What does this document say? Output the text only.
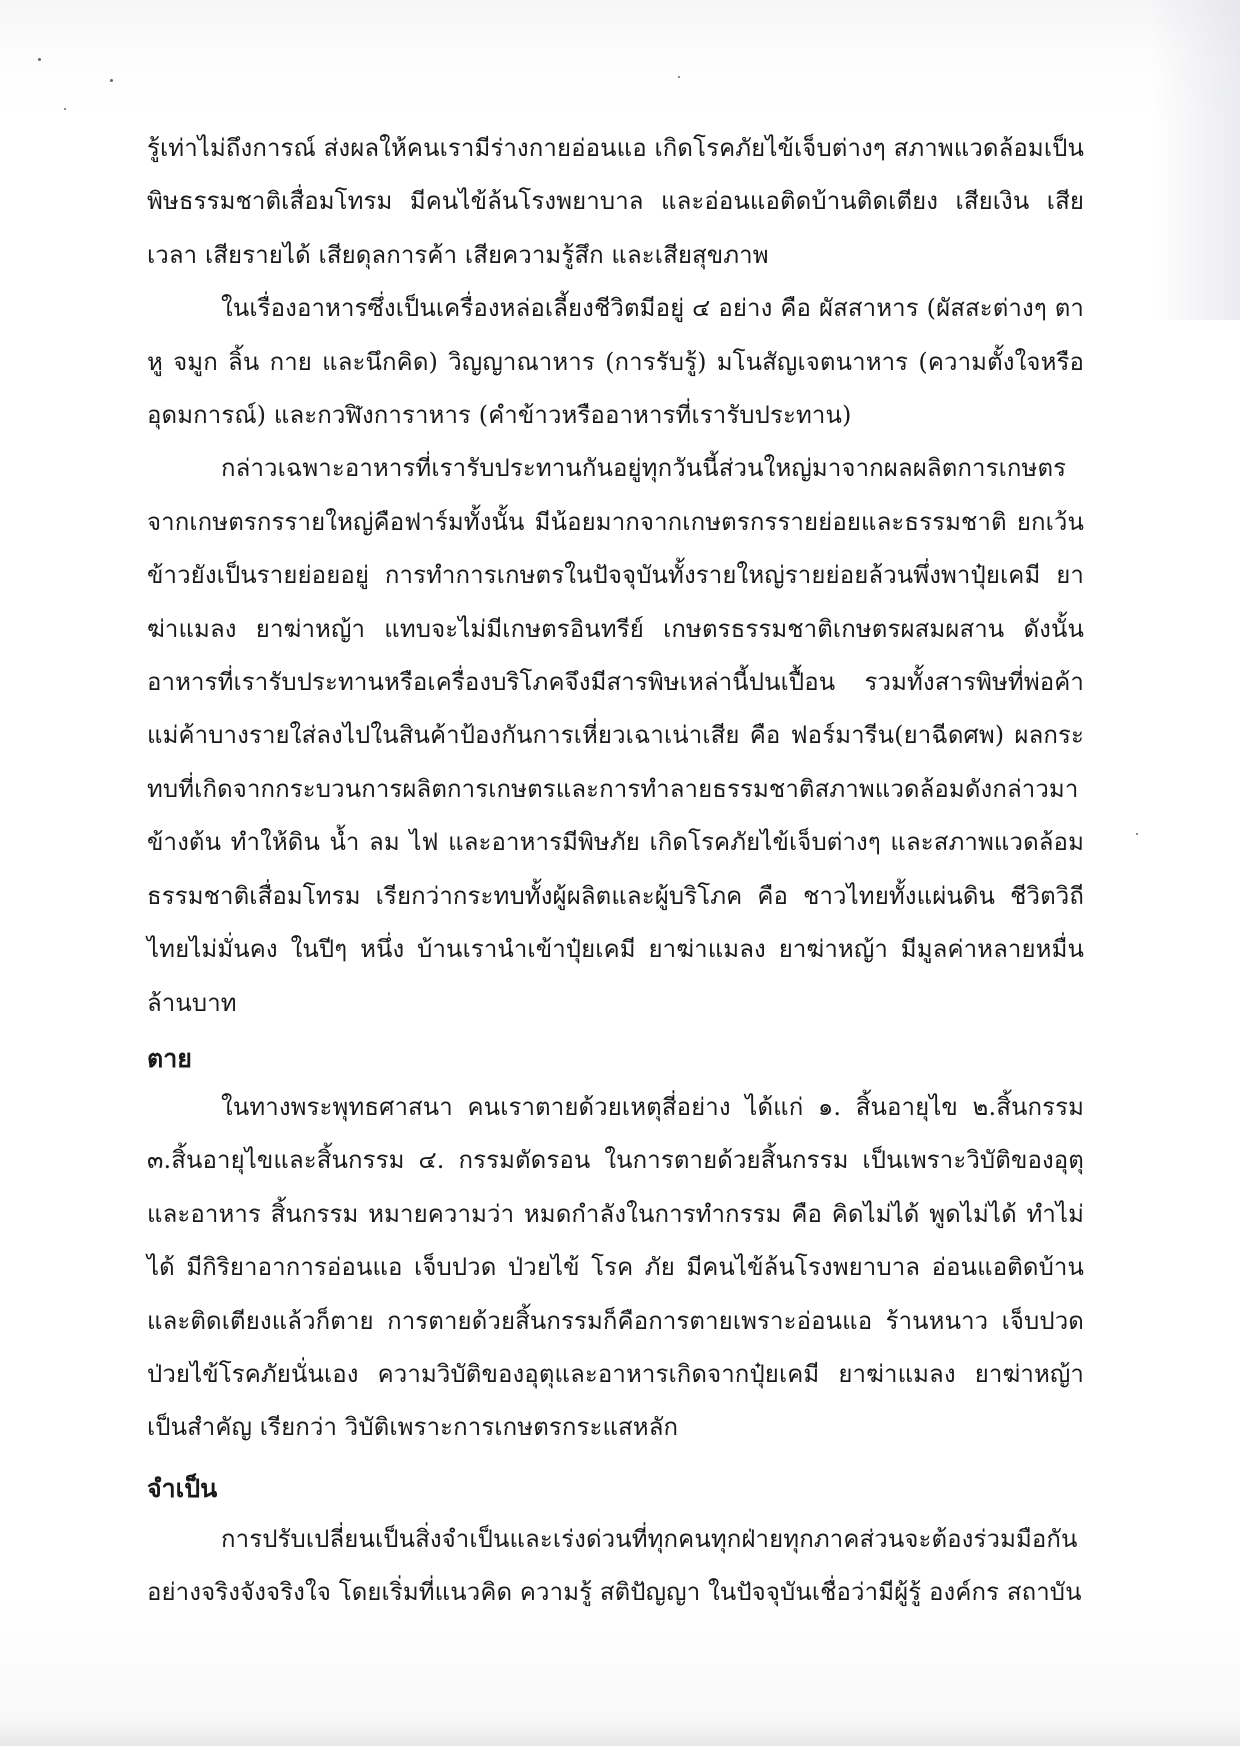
รู้เท่าไม่ถึงการณ์ ส่งผลให้คนเรามีร่างกายอ่อนแอ เกิดโรคภัยไข้เจ็บต่างๆ สภาพแวดล้อมเป็นพิษธรรมชาติเสื่อมโทรม มีคนไข้ล้นโรงพยาบาล และอ่อนแอติดบ้านติดเตียง เสียเงิน เสียเวลา เสียรายได้ เสียดุลการค้า เสียความรู้สึก และเสียสุขภาพ

ในเรื่องอาหารซึ่งเป็นเครื่องหล่อเลี้ยงชีวิตมีอยู่ ๔ อย่าง คือ ผัสสาหาร (ผัสสะต่างๆ ตา หู จมูก ลิ้น กาย และนึกคิด) วิญญาณาหาร (การรับรู้) มโนสัญเจตนาหาร (ความตั้งใจหรืออุดมการณ์) และกวฬิงการาหาร (คำข้าวหรืออาหารที่เรารับประทาน)

กล่าวเฉพาะอาหารที่เรารับประทานกันอยู่ทุกวันนี้ส่วนใหญ่มาจากผลผลิตการเกษตรจากเกษตรกรรายใหญ่คือฟาร์มทั้งนั้น มีน้อยมากจากเกษตรกรรายย่อยและธรรมชาติ ยกเว้นข้าวยังเป็นรายย่อยอยู่ การทำการเกษตรในปัจจุบันทั้งรายใหญ่รายย่อยล้วนพึ่งพาปุ๋ยเคมี ยาฆ่าแมลง ยาฆ่าหญ้า แทบจะไม่มีเกษตรอินทรีย์ เกษตรธรรมชาติเกษตรผสมผสาน ดังนั้นอาหารที่เรารับประทานหรือเครื่องบริโภคจึงมีสารพิษเหล่านี้ปนเปื้อน รวมทั้งสารพิษที่พ่อค้าแม่ค้าบางรายใส่ลงไปในสินค้าป้องกันการเหี่ยวเฉาเน่าเสีย คือ ฟอร์มารีน(ยาฉีดศพ) ผลกระทบที่เกิดจากกระบวนการผลิตการเกษตรและการทำลายธรรมชาติสภาพแวดล้อมดังกล่าวมาข้างต้น ทำให้ดิน น้ำ ลม ไฟ และอาหารมีพิษภัย เกิดโรคภัยไข้เจ็บต่างๆ และสภาพแวดล้อมธรรมชาติเสื่อมโทรม เรียกว่ากระทบทั้งผู้ผลิตและผู้บริโภค คือ ชาวไทยทั้งแผ่นดิน ชีวิตวิถีไทยไม่มั่นคง ในปีๆ หนึ่ง บ้านเรานำเข้าปุ๋ยเคมี ยาฆ่าแมลง ยาฆ่าหญ้า มีมูลค่าหลายหมื่นล้านบาท

ตาย

ในทางพระพุทธศาสนา คนเราตายด้วยเหตุสี่อย่าง ได้แก่ ๑. สิ้นอายุไข ๒.สิ้นกรรม ๓.สิ้นอายุไขและสิ้นกรรม ๔. กรรมตัดรอน ในการตายด้วยสิ้นกรรม เป็นเพราะวิบัติของอุตุและอาหาร สิ้นกรรม หมายความว่า หมดกำลังในการทำกรรม คือ คิดไม่ได้ พูดไม่ได้ ทำไม่ได้ มีกิริยาอาการอ่อนแอ เจ็บปวด ป่วยไข้ โรค ภัย มีคนไข้ล้นโรงพยาบาล อ่อนแอติดบ้านและติดเตียงแล้วก็ตาย การตายด้วยสิ้นกรรมก็คือการตายเพราะอ่อนแอ ร้านหนาว เจ็บปวด ป่วยไข้โรคภัยนั่นเอง ความวิบัติของอุตุและอาหารเกิดจากปุ๋ยเคมี ยาฆ่าแมลง ยาฆ่าหญ้าเป็นสำคัญ เรียกว่า วิบัติเพราะการเกษตรกระแสหลัก

จำเป็น

การปรับเปลี่ยนเป็นสิ่งจำเป็นและเร่งด่วนที่ทุกคนทุกฝ่ายทุกภาคส่วนจะต้องร่วมมือกันอย่างจริงจังจริงใจ โดยเริ่มที่แนวคิด ความรู้ สติปัญญา ในปัจจุบันเชื่อว่ามีผู้รู้ องค์กร สถาบัน
